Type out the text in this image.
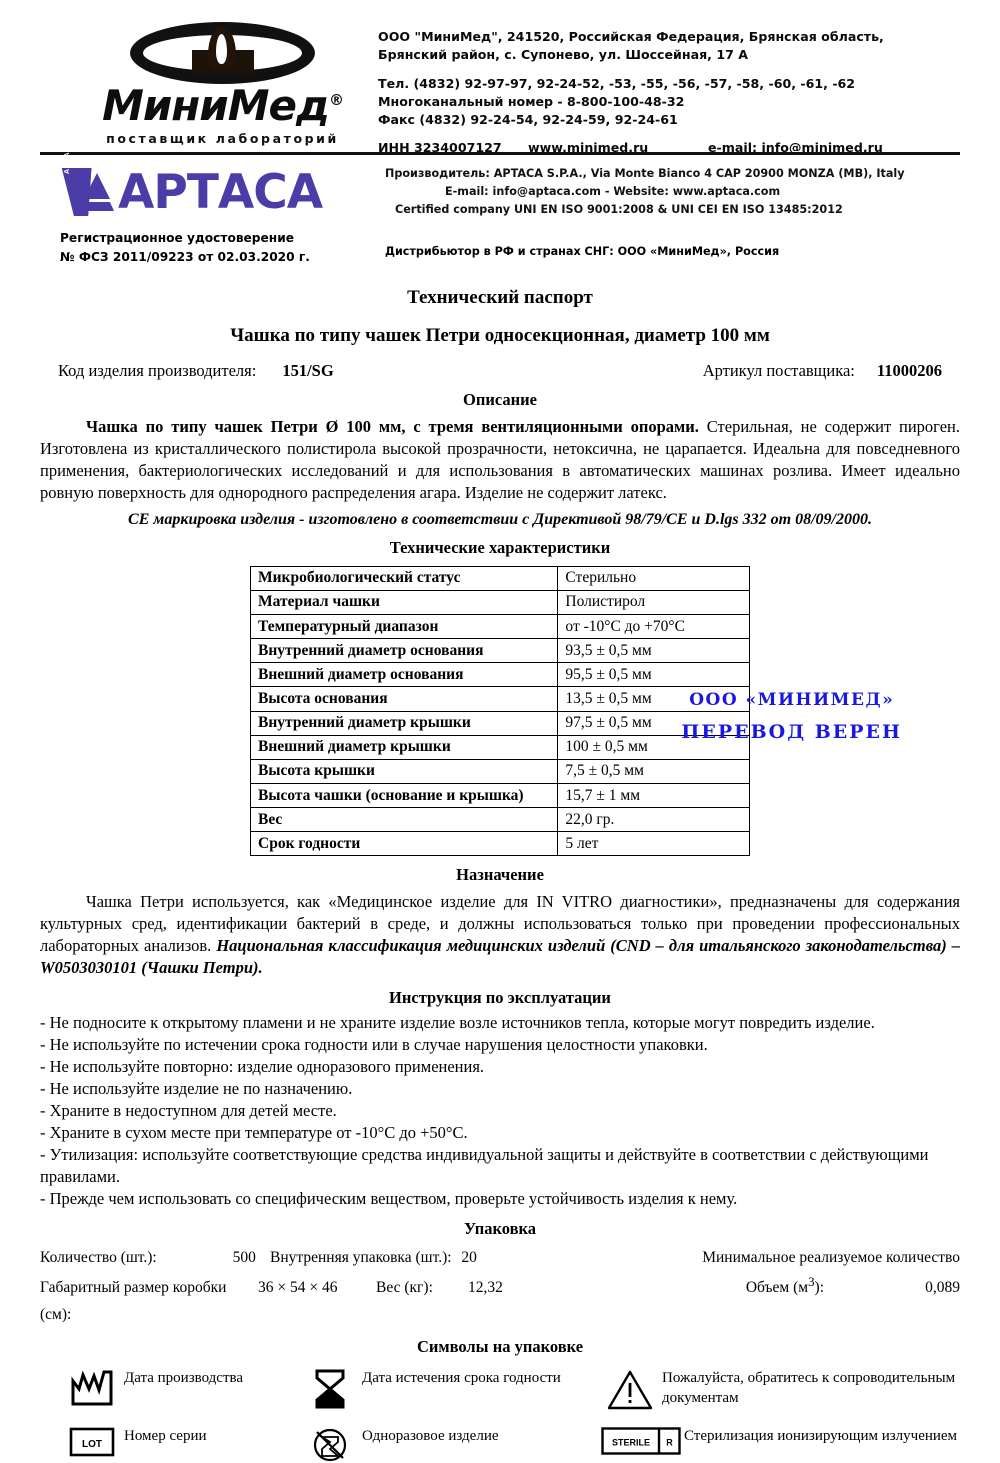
МиниМед®
поставщик лабораторий
ООО "МиниМед", 241520, Российская Федерация, Брянская область,
Брянский район, с. Супонево, ул. Шоссейная, 17 А
Тел. (4832) 92-97-97, 92-24-52, -53, -55, -56, -57, -58, -60, -61, -62
Многоканальный номер - 8-800-100-48-32
Факс (4832) 92-24-54, 92-24-59, 92-24-61
ИНН 3234007127	www.minimed.ru	e-mail: info@minimed.ru
APTACA
АРТАСА	Производитель: APTACA S.P.A., Via Monte Bianco 4 CAP 20900 MONZA (MB), Italy
E-mail: info@aptaca.com - Website: www.aptaca.com
Certified company UNI EN ISO 9001:2008 & UNI CEI EN ISO 13485:2012
Регистрационное удостоверение
№ ФСЗ 2011/09223 от 02.03.2020 г.	Дистрибьютор в РФ и странах СНГ: ООО «МиниМед», Россия
Технический паспорт
Чашка по типу чашек Петри односекционная, диаметр 100 мм
Код изделия производителя: 151/SG	Артикул поставщика: 11000206
Описание
Чашка по типу чашек Петри Ø 100 мм, с тремя вентиляционными опорами. Стерильная, не содержит пироген. Изготовлена из кристаллического полистирола высокой прозрачности, нетоксична, не царапается. Идеальна для повседневного применения, бактериологических исследований и для использования в автоматических машинах розлива. Имеет идеально ровную поверхность для однородного распределения агара. Изделие не содержит латекс.
CE маркировка изделия - изготовлено в соответствии с Директивой 98/79/CE и D.lgs 332 от 08/09/2000.
Технические характеристики
Микробиологический статус	Стерильно
Материал чашки	Полистирол
Температурный диапазон	от -10°C до +70°C
Внутренний диаметр основания	93,5 ± 0,5 мм
Внешний диаметр основания	95,5 ± 0,5 мм
Высота основания	13,5 ± 0,5 мм
Внутренний диаметр крышки	97,5 ± 0,5 мм
Внешний диаметр крышки	100 ± 0,5 мм
Высота крышки	7,5 ± 0,5 мм
Высота чашки (основание и крышка)	15,7 ± 1 мм
Вес	22,0 гр.
Срок годности	5 лет
ООО «МИНИМЕД»
ПЕРЕВОД ВЕРЕН
Назначение
Чашка Петри используется, как «Медицинское изделие для IN VITRO диагностики», предназначены для содержания культурных сред, идентификации бактерий в среде, и должны использоваться только при проведении профессиональных лабораторных анализов. Национальная классификация медицинских изделий (CND – для итальянского законодательства) – W0503030101 (Чашки Петри).
Инструкция по эксплуатации
- Не подносите к открытому пламени и не храните изделие возле источников тепла, которые могут повредить изделие.
- Не используйте по истечении срока годности или в случае нарушения целостности упаковки.
- Не используйте повторно: изделие одноразового применения.
- Не используйте изделие не по назначению.
- Храните в недоступном для детей месте.
- Храните в сухом месте при температуре от -10°С до +50°С.
- Утилизация: используйте соответствующие средства индивидуальной защиты и действуйте в соответствии с действующими правилами.
- Прежде чем использовать со специфическим веществом, проверьте устойчивость изделия к нему.
Упаковка
Количество (шт.):	500 Внутренняя упаковка (шт.): 20	Минимальное реализуемое количество
Габаритный размер коробки (см):
36 × 54 × 46	Вес (кг):	12,32	Объем $(м^3)$:	0,089
Символы на упаковке
Дата производства	Дата истечения срока годности	Пожалуйста, обратитесь к сопроводительным документам
LOT
Номер серии	Одноразовое изделие	STERILE R Стерилизация ионизирующим излучением
